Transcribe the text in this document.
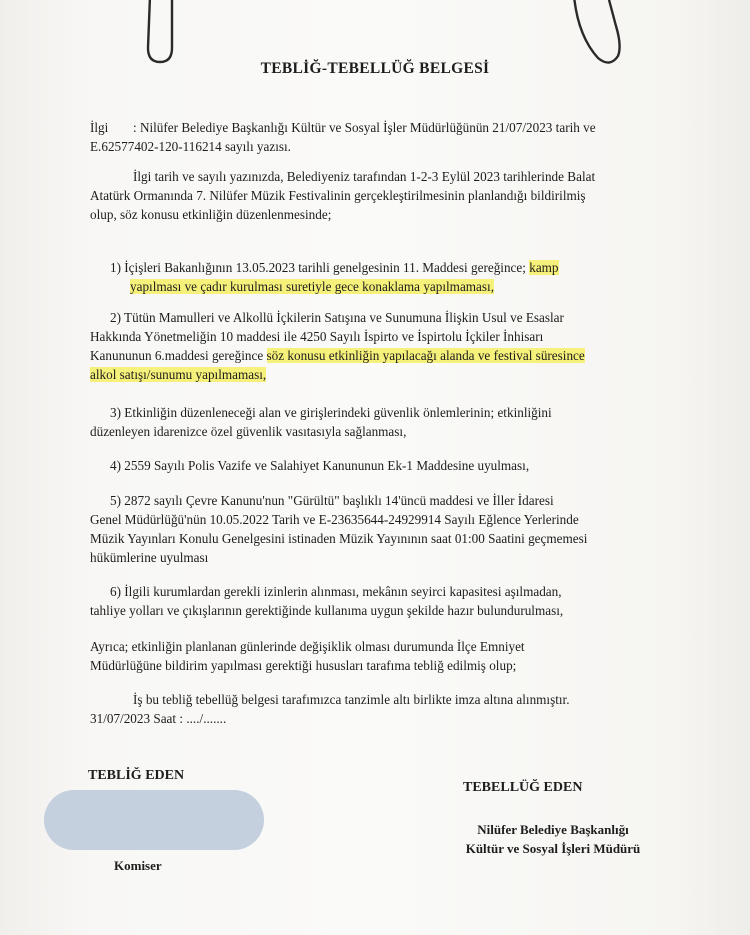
TEBLİĞ-TEBELLÜĞ BELGESİ
İlgi : Nilüfer Belediye Başkanlığı Kültür ve Sosyal İşler Müdürlüğünün 21/07/2023 tarih ve
E.62577402-120-116214 sayılı yazısı.
İlgi tarih ve sayılı yazınızda, Belediyeniz tarafından 1-2-3 Eylül 2023 tarihlerinde Balat
Atatürk Ormanında 7. Nilüfer Müzik Festivalinin gerçekleştirilmesinin planlandığı bildirilmiş
olup, söz konusu etkinliğin düzenlenmesinde;
1) İçişleri Bakanlığının 13.05.2023 tarihli genelgesinin 11. Maddesi gereğince; kamp
yapılması ve çadır kurulması suretiyle gece konaklama yapılmaması,
2) Tütün Mamulleri ve Alkollü İçkilerin Satışına ve Sunumuna İlişkin Usul ve Esaslar
Hakkında Yönetmeliğin 10 maddesi ile 4250 Sayılı İspirto ve İspirtolu İçkiler İnhisarı
Kanununun 6.maddesi gereğince söz konusu etkinliğin yapılacağı alanda ve festival süresince
alkol satışı/sunumu yapılmaması,
3) Etkinliğin düzenleneceği alan ve girişlerindeki güvenlik önlemlerinin; etkinliğini
düzenleyen idarenizce özel güvenlik vasıtasıyla sağlanması,
4) 2559 Sayılı Polis Vazife ve Salahiyet Kanununun Ek-1 Maddesine uyulması,
5) 2872 sayılı Çevre Kanunu'nun "Gürültü" başlıklı 14'üncü maddesi ve İller İdaresi
Genel Müdürlüğü'nün 10.05.2022 Tarih ve E-23635644-24929914 Sayılı Eğlence Yerlerinde
Müzik Yayınları Konulu Genelgesini istinaden Müzik Yayınının saat 01:00 Saatini geçmemesi
hükümlerine uyulması
6) İlgili kurumlardan gerekli izinlerin alınması, mekânın seyirci kapasitesi aşılmadan,
tahliye yolları ve çıkışlarının gerektiğinde kullanıma uygun şekilde hazır bulundurulması,
Ayrıca; etkinliğin planlanan günlerinde değişiklik olması durumunda İlçe Emniyet
Müdürlüğüne bildirim yapılması gerektiği hususları tarafıma tebliğ edilmiş olup;
İş bu tebliğ tebellüğ belgesi tarafımızca tanzimle altı birlikte imza altına alınmıştır.
31/07/2023 Saat : ..../.......
TEBLİĞ EDEN
Komiser
TEBELLÜĞ EDEN
Nilüfer Belediye Başkanlığı
Kültür ve Sosyal İşleri Müdürü
